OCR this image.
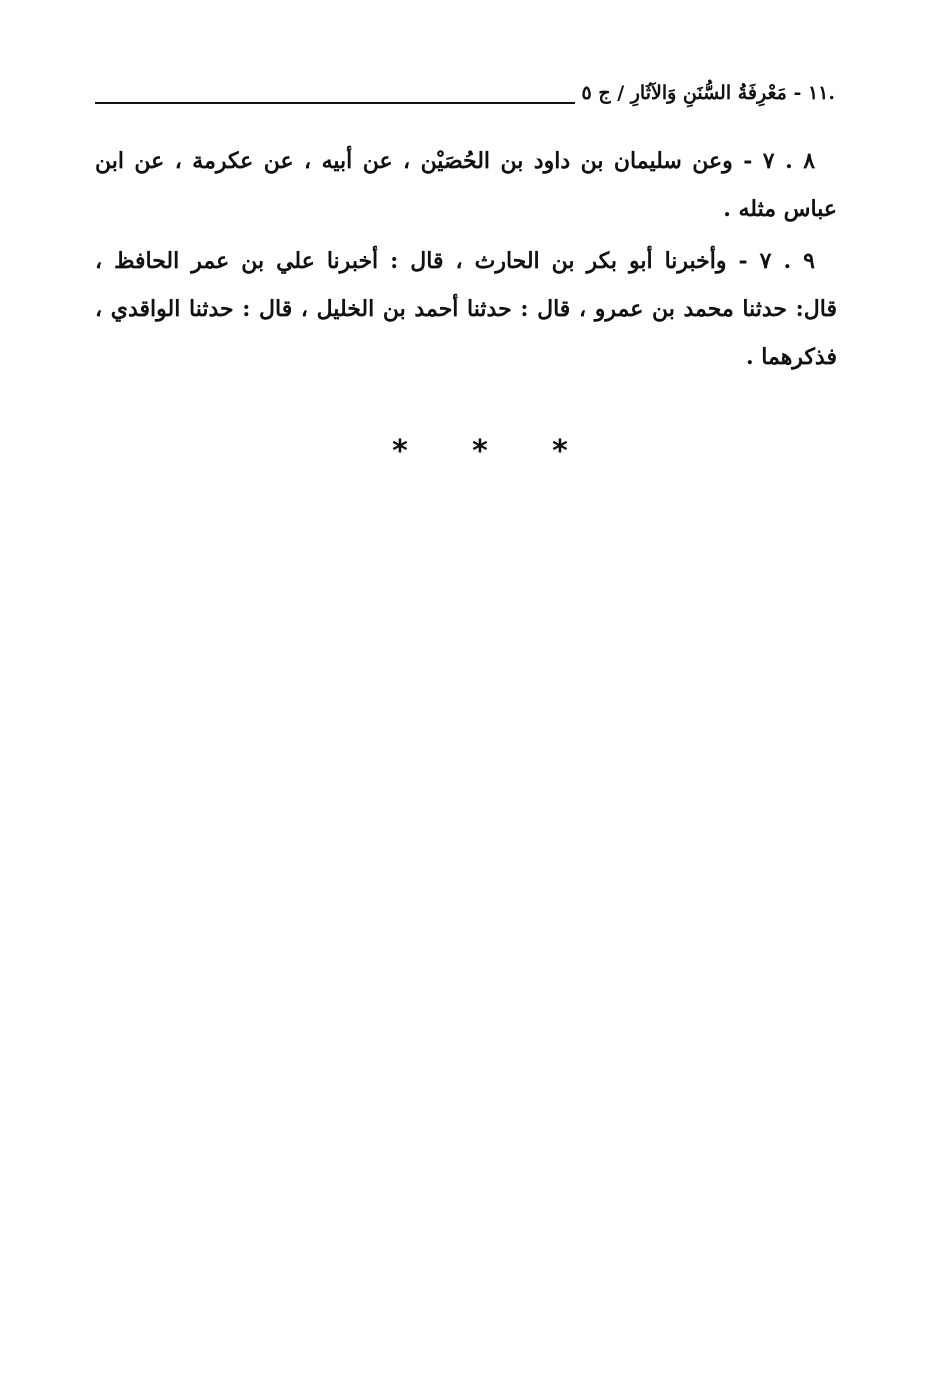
.١١ - مَعْرِفَةُ السُّنَنِ وَالآثَارِ / ج ٥

٨ . ٧ - وعن سليمان بن داود بن الحُصَيْن ، عن أبيه ، عن عكرمة ، عن ابن
عباس مثله .

٩ . ٧ - وأخبرنا أبو بكر بن الحارث ، قال : أخبرنا علي بن عمر الحافظ ،
قال: حدثنا محمد بن عمرو ، قال : حدثنا أحمد بن الخليل ، قال : حدثنا الواقدي ،
فذكرهما .

* * *
